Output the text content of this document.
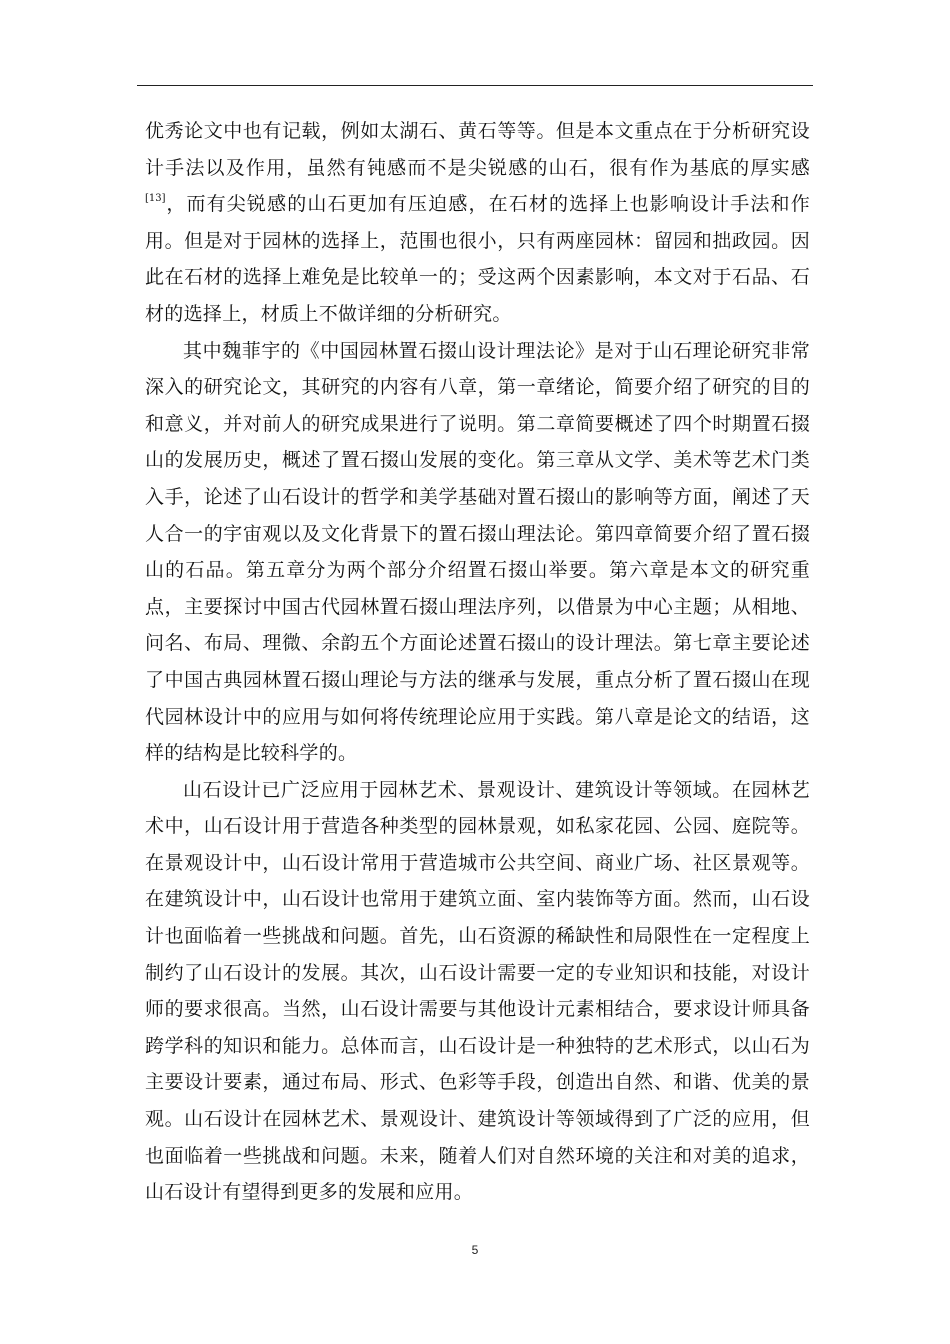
优秀论文中也有记载，例如太湖石、黄石等等。但是本文重点在于分析研究设
计手法以及作用，虽然有钝感而不是尖锐感的山石，很有作为基底的厚实感
[13]，而有尖锐感的山石更加有压迫感，在石材的选择上也影响设计手法和作
用。但是对于园林的选择上，范围也很小，只有两座园林：留园和拙政园。因
此在石材的选择上难免是比较单一的；受这两个因素影响，本文对于石品、石
材的选择上，材质上不做详细的分析研究。
其中魏菲宇的《中国园林置石掇山设计理法论》是对于山石理论研究非常
深入的研究论文，其研究的内容有八章，第一章绪论，简要介绍了研究的目的
和意义，并对前人的研究成果进行了说明。第二章简要概述了四个时期置石掇
山的发展历史，概述了置石掇山发展的变化。第三章从文学、美术等艺术门类
入手，论述了山石设计的哲学和美学基础对置石掇山的影响等方面，阐述了天
人合一的宇宙观以及文化背景下的置石掇山理法论。第四章简要介绍了置石掇
山的石品。第五章分为两个部分介绍置石掇山举要。第六章是本文的研究重
点，主要探讨中国古代园林置石掇山理法序列，以借景为中心主题；从相地、
问名、布局、理微、余韵五个方面论述置石掇山的设计理法。第七章主要论述
了中国古典园林置石掇山理论与方法的继承与发展，重点分析了置石掇山在现
代园林设计中的应用与如何将传统理论应用于实践。第八章是论文的结语，这
样的结构是比较科学的。
山石设计已广泛应用于园林艺术、景观设计、建筑设计等领域。在园林艺
术中，山石设计用于营造各种类型的园林景观，如私家花园、公园、庭院等。
在景观设计中，山石设计常用于营造城市公共空间、商业广场、社区景观等。
在建筑设计中，山石设计也常用于建筑立面、室内装饰等方面。然而，山石设
计也面临着一些挑战和问题。首先，山石资源的稀缺性和局限性在一定程度上
制约了山石设计的发展。其次，山石设计需要一定的专业知识和技能，对设计
师的要求很高。当然，山石设计需要与其他设计元素相结合，要求设计师具备
跨学科的知识和能力。总体而言，山石设计是一种独特的艺术形式，以山石为
主要设计要素，通过布局、形式、色彩等手段，创造出自然、和谐、优美的景
观。山石设计在园林艺术、景观设计、建筑设计等领域得到了广泛的应用，但
也面临着一些挑战和问题。未来，随着人们对自然环境的关注和对美的追求，
山石设计有望得到更多的发展和应用。
5
